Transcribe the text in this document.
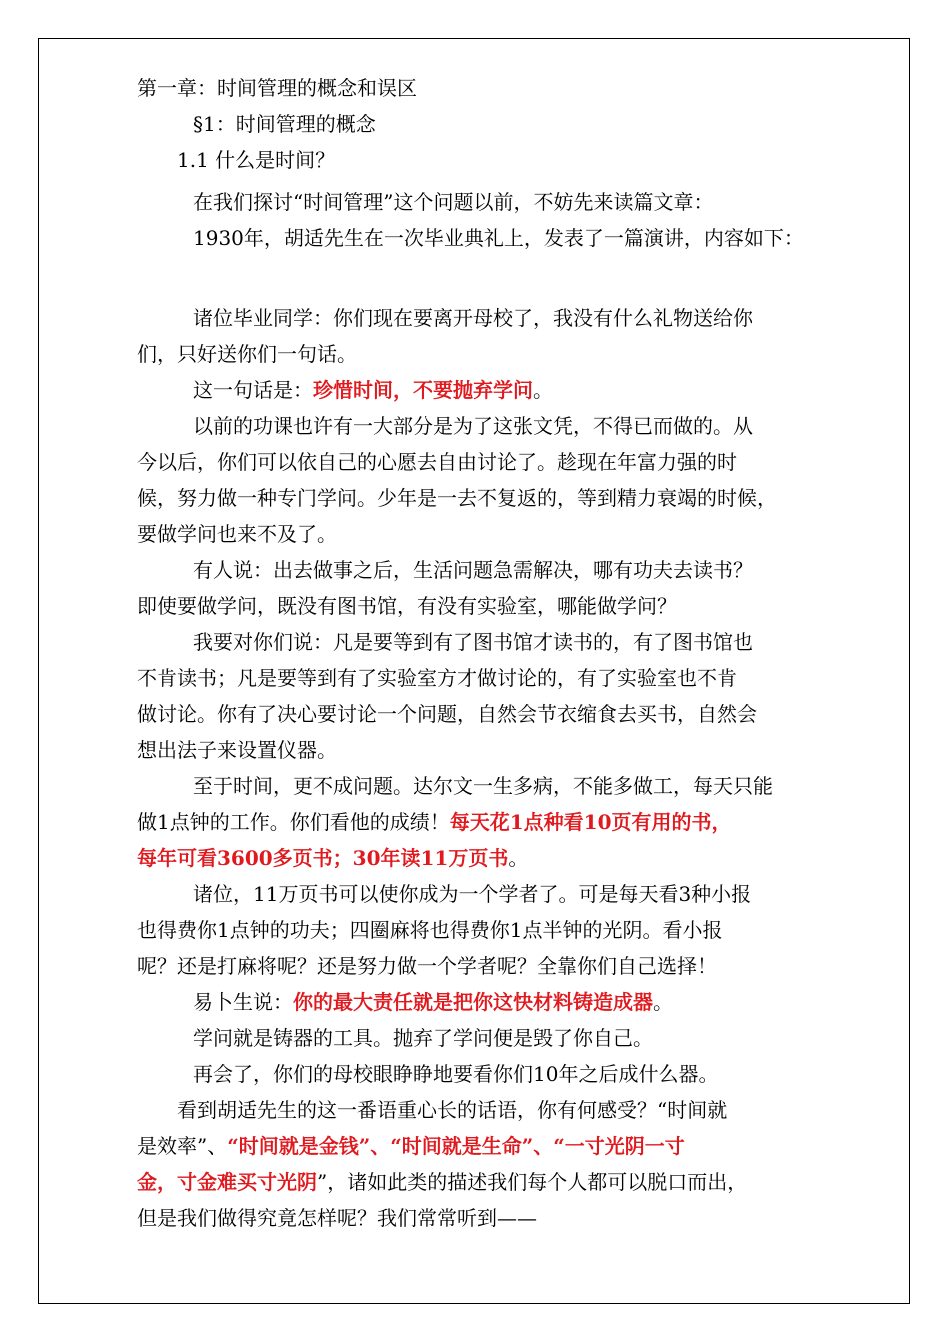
第一章：时间管理的概念和误区
§1：时间管理的概念
1.1 什么是时间？
在我们探讨“时间管理”这个问题以前，不妨先来读篇文章：
1930年，胡适先生在一次毕业典礼上，发表了一篇演讲，内容如下：
诸位毕业同学：你们现在要离开母校了，我没有什么礼物送给你
们，只好送你们一句话。
这一句话是：珍惜时间，不要抛弃学问。
以前的功课也许有一大部分是为了这张文凭，不得已而做的。从
今以后，你们可以依自己的心愿去自由讨论了。趁现在年富力强的时
候，努力做一种专门学问。少年是一去不复返的，等到精力衰竭的时候，
要做学问也来不及了。
有人说：出去做事之后，生活问题急需解决，哪有功夫去读书？
即使要做学问，既没有图书馆，有没有实验室，哪能做学问？
我要对你们说：凡是要等到有了图书馆才读书的，有了图书馆也
不肯读书；凡是要等到有了实验室方才做讨论的，有了实验室也不肯
做讨论。你有了决心要讨论一个问题，自然会节衣缩食去买书，自然会
想出法子来设置仪器。
至于时间，更不成问题。达尔文一生多病，不能多做工，每天只能
做1点钟的工作。你们看他的成绩！每天花1点种看10页有用的书，
每年可看3600多页书；30年读11万页书。
诸位，11万页书可以使你成为一个学者了。可是每天看3种小报
也得费你1点钟的功夫；四圈麻将也得费你1点半钟的光阴。看小报
呢？还是打麻将呢？还是努力做一个学者呢？全靠你们自己选择！
易卜生说：你的最大责任就是把你这快材料铸造成器。
学问就是铸器的工具。抛弃了学问便是毁了你自己。
再会了，你们的母校眼睁睁地要看你们10年之后成什么器。
看到胡适先生的这一番语重心长的话语，你有何感受？“时间就
是效率”、“时间就是金钱”、“时间就是生命”、“一寸光阴一寸
金，寸金难买寸光阴”，诸如此类的描述我们每个人都可以脱口而出，
但是我们做得究竟怎样呢？我们常常听到——
